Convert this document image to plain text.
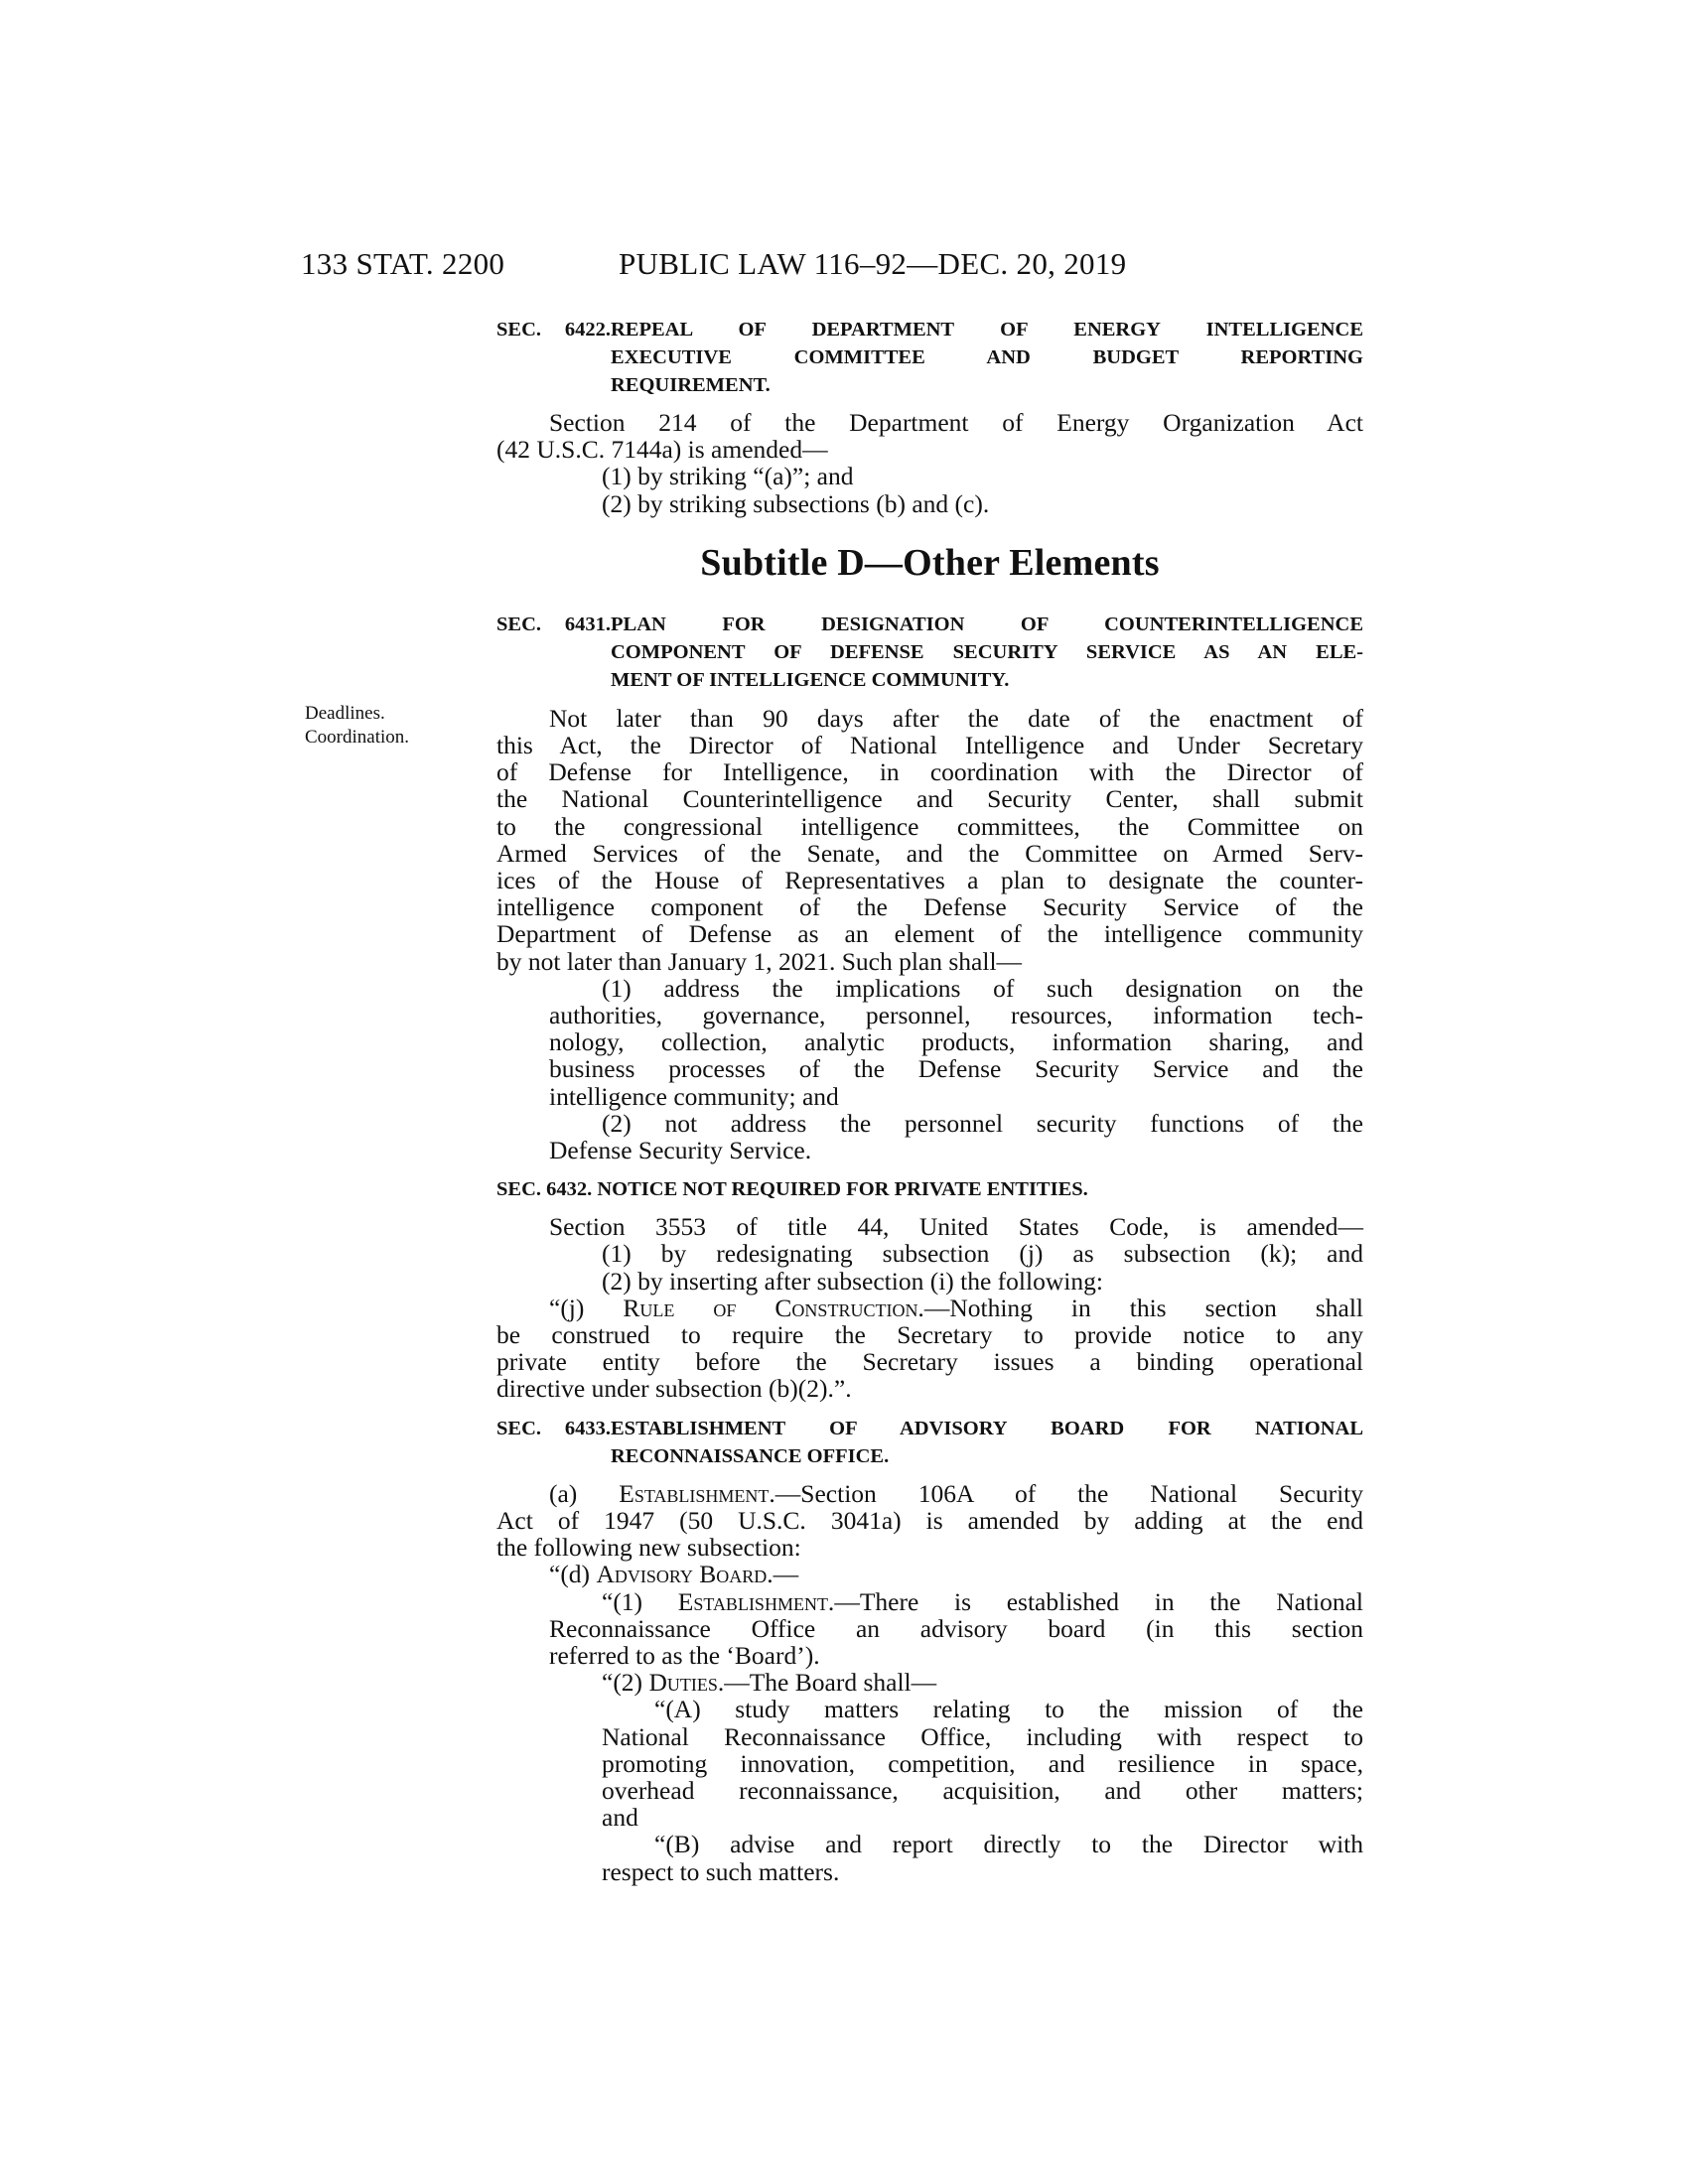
133 STAT. 2200	PUBLIC LAW 116–92—DEC. 20, 2019
Deadlines.
Coordination.
SEC. 6422. REPEAL OF DEPARTMENT OF ENERGY INTELLIGENCE
EXECUTIVE COMMITTEE AND BUDGET REPORTING
REQUIREMENT.
Section 214 of the Department of Energy Organization Act
(42 U.S.C. 7144a) is amended—
(1) by striking “(a)”; and
(2) by striking subsections (b) and (c).
Subtitle D—Other Elements
SEC. 6431. PLAN FOR DESIGNATION OF COUNTERINTELLIGENCE
COMPONENT OF DEFENSE SECURITY SERVICE AS AN ELE-
MENT OF INTELLIGENCE COMMUNITY.
Not later than 90 days after the date of the enactment of
this Act, the Director of National Intelligence and Under Secretary
of Defense for Intelligence, in coordination with the Director of
the National Counterintelligence and Security Center, shall submit
to the congressional intelligence committees, the Committee on
Armed Services of the Senate, and the Committee on Armed Serv-
ices of the House of Representatives a plan to designate the counter-
intelligence component of the Defense Security Service of the
Department of Defense as an element of the intelligence community
by not later than January 1, 2021. Such plan shall—
(1) address the implications of such designation on the
authorities, governance, personnel, resources, information tech-
nology, collection, analytic products, information sharing, and
business processes of the Defense Security Service and the
intelligence community; and
(2) not address the personnel security functions of the
Defense Security Service.
SEC. 6432. NOTICE NOT REQUIRED FOR PRIVATE ENTITIES.
Section 3553 of title 44, United States Code, is amended—
(1) by redesignating subsection (j) as subsection (k); and
(2) by inserting after subsection (i) the following:
“(j) Rule of Construction.—Nothing in this section shall
be construed to require the Secretary to provide notice to any
private entity before the Secretary issues a binding operational
directive under subsection (b)(2).”.
SEC. 6433. ESTABLISHMENT OF ADVISORY BOARD FOR NATIONAL
RECONNAISSANCE OFFICE.
(a) Establishment.—Section 106A of the National Security
Act of 1947 (50 U.S.C. 3041a) is amended by adding at the end
the following new subsection:
“(d) Advisory Board.—
“(1) Establishment.—There is established in the National
Reconnaissance Office an advisory board (in this section
referred to as the ‘Board’).
“(2) Duties.—The Board shall—
“(A) study matters relating to the mission of the
National Reconnaissance Office, including with respect to
promoting innovation, competition, and resilience in space,
overhead reconnaissance, acquisition, and other matters;
and
“(B) advise and report directly to the Director with
respect to such matters.
